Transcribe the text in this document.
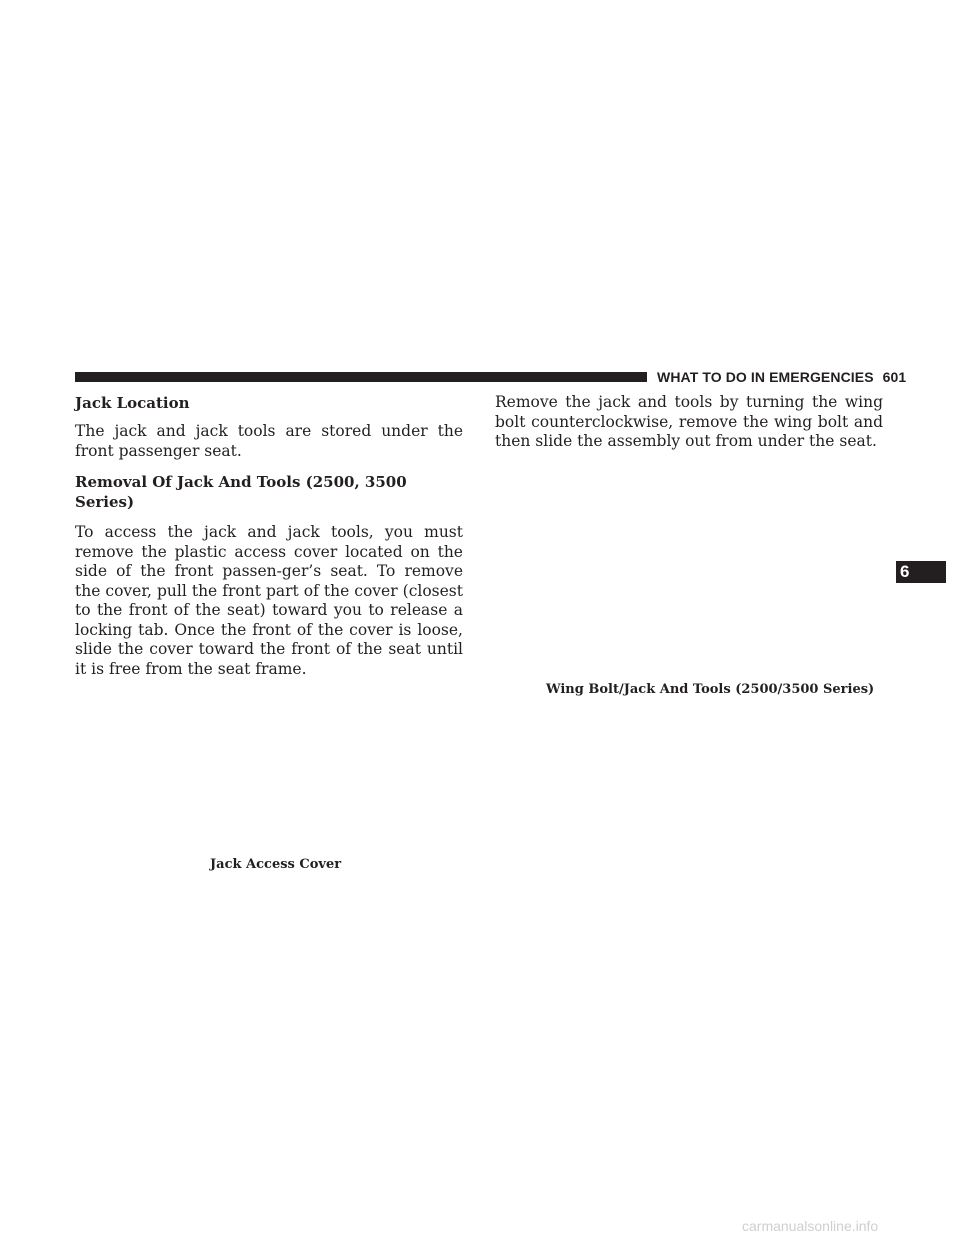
WHAT TO DO IN EMERGENCIES 601
Jack Location

The jack and jack tools are stored under the front passenger seat.

Removal Of Jack And Tools (2500, 3500 Series)

To access the jack and jack tools, you must remove the plastic access cover located on the side of the front passen-ger’s seat. To remove the cover, pull the front part of the cover (closest to the front of the seat) toward you to release a locking tab. Once the front of the cover is loose, slide the cover toward the front of the seat until it is free from the seat frame.

Jack Access Cover

Remove the jack and tools by turning the wing bolt counterclockwise, remove the wing bolt and then slide the assembly out from under the seat.

Wing Bolt/Jack And Tools (2500/3500 Series)
6
carmanualsonline.info
